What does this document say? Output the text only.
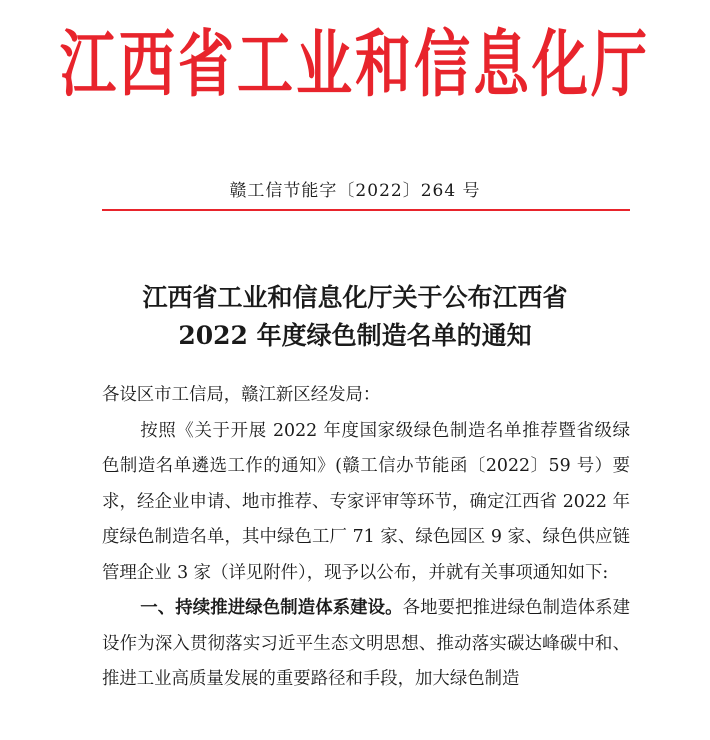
江西省工业和信息化厅
赣工信节能字〔2022〕264 号
江西省工业和信息化厅关于公布江西省
2022 年度绿色制造名单的通知

各设区市工信局，赣江新区经发局：

按照《关于开展 2022 年度国家级绿色制造名单推荐暨省级绿色制造名单遴选工作的通知》(赣工信办节能函〔2022〕59 号）要求，经企业申请、地市推荐、专家评审等环节，确定江西省 2022 年度绿色制造名单，其中绿色工厂 71 家、绿色园区 9 家、绿色供应链管理企业 3 家（详见附件），现予以公布，并就有关事项通知如下:

一、持续推进绿色制造体系建设。各地要把推进绿色制造体系建设作为深入贯彻落实习近平生态文明思想、推动落实碳达峰碳中和、推进工业高质量发展的重要路径和手段，加大绿色制造
